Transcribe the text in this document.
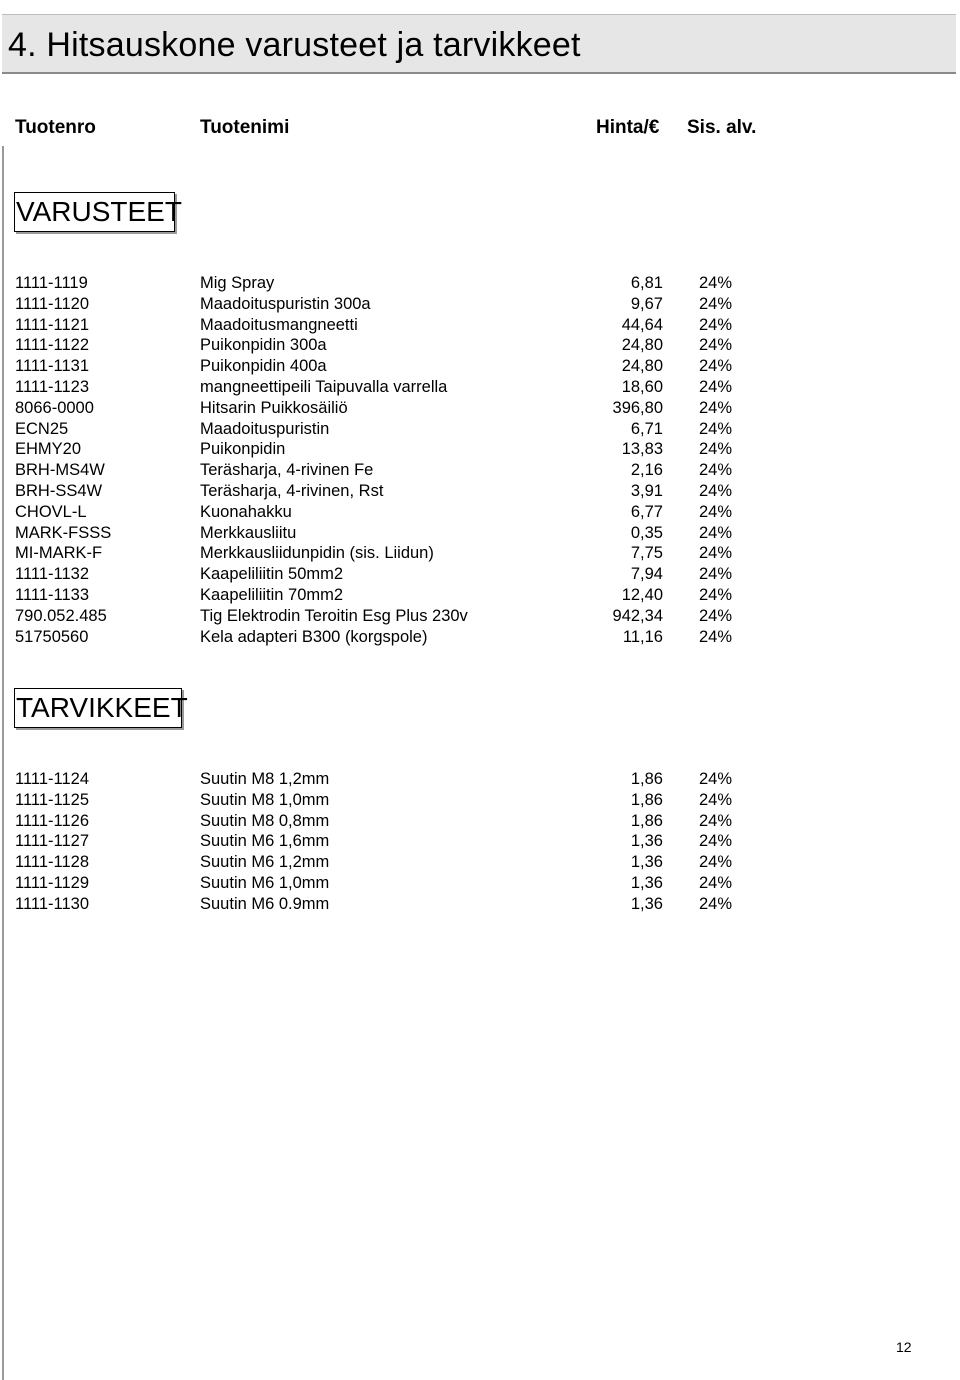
4. Hitsauskone varusteet ja tarvikkeet
Tuotenro	Tuotenimi	Hinta/€ Sis. alv.
VARUSTEET
1111-1119	Mig Spray	6,81 24%
1111-1120	Maadoituspuristin 300a	9,67 24%
1111-1121	Maadoitusmangneetti	44,64 24%
1111-1122	Puikonpidin 300a	24,80 24%
1111-1131	Puikonpidin 400a	24,80 24%
1111-1123	mangneettipeili Taipuvalla varrella	18,60 24%
8066-0000	Hitsarin Puikkosäiliö	396,80 24%
ECN25	Maadoituspuristin	6,71 24%
EHMY20	Puikonpidin	13,83 24%
BRH-MS4W	Teräsharja, 4-rivinen Fe	2,16 24%
BRH-SS4W	Teräsharja, 4-rivinen, Rst	3,91 24%
CHOVL-L	Kuonahakku	6,77 24%
MARK-FSSS	Merkkausliitu	0,35 24%
MI-MARK-F	Merkkausliidunpidin (sis. Liidun)	7,75 24%
1111-1132	Kaapeliliitin 50mm2	7,94 24%
1111-1133	Kaapeliliitin 70mm2	12,40 24%
790.052.485	Tig Elektrodin Teroitin Esg Plus 230v	942,34 24%
51750560	Kela adapteri B300 (korgspole)	11,16 24%
TARVIKKEET
1111-1124	Suutin M8 1,2mm	1,86 24%
1111-1125	Suutin M8 1,0mm	1,86 24%
1111-1126	Suutin M8 0,8mm	1,86 24%
1111-1127	Suutin M6 1,6mm	1,36 24%
1111-1128	Suutin M6 1,2mm	1,36 24%
1111-1129	Suutin M6 1,0mm	1,36 24%
1111-1130	Suutin M6 0.9mm	1,36 24%
12
